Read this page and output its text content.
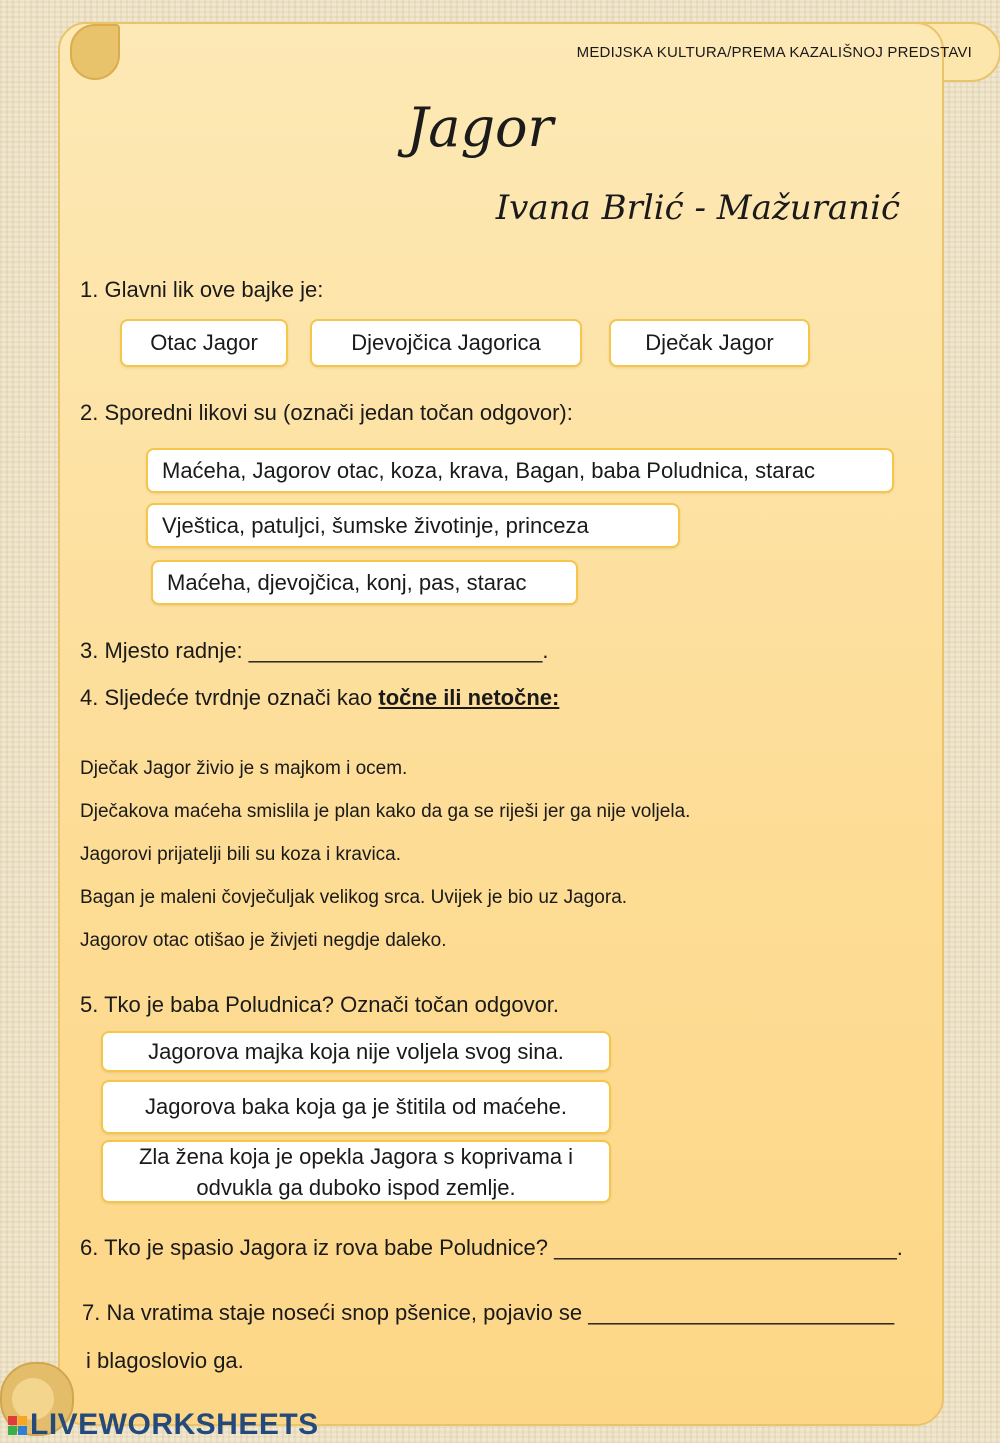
MEDIJSKA KULTURA/PREMA KAZALIŠNOJ PREDSTAVI
Jagor
Ivana Brlić - Mažuranić
1. Glavni lik ove bajke je:
Otac Jagor	Djevojčica Jagorica	Dječak Jagor
2. Sporedni likovi su (označi jedan točan odgovor):
Maćeha, Jagorov otac, koza, krava, Bagan, baba Poludnica, starac
Vještica, patuljci, šumske životinje, princeza
Maćeha, djevojčica, konj, pas, starac
3. Mjesto radnje: ________________________.
4. Sljedeće tvrdnje označi kao točne ili netočne:
Dječak Jagor živio je s majkom i ocem.
Dječakova maćeha smislila je plan kako da ga se riješi jer ga nije voljela.
Jagorovi prijatelji bili su koza i kravica.
Bagan je maleni čovječuljak velikog srca. Uvijek je bio uz Jagora.
Jagorov otac otišao je živjeti negdje daleko.
5. Tko je baba Poludnica? Označi točan odgovor.
Jagorova majka koja nije voljela svog sina.
Jagorova baka koja ga je štitila od maćehe.
Zla žena koja je opekla Jagora s koprivama i odvukla ga duboko ispod zemlje.
6. Tko je spasio Jagora iz rova babe Poludnice? ____________________________.
7. Na vratima staje noseći snop pšenice, pojavio se _________________________
i blagoslovio ga.
LIVEWORKSHEETS
